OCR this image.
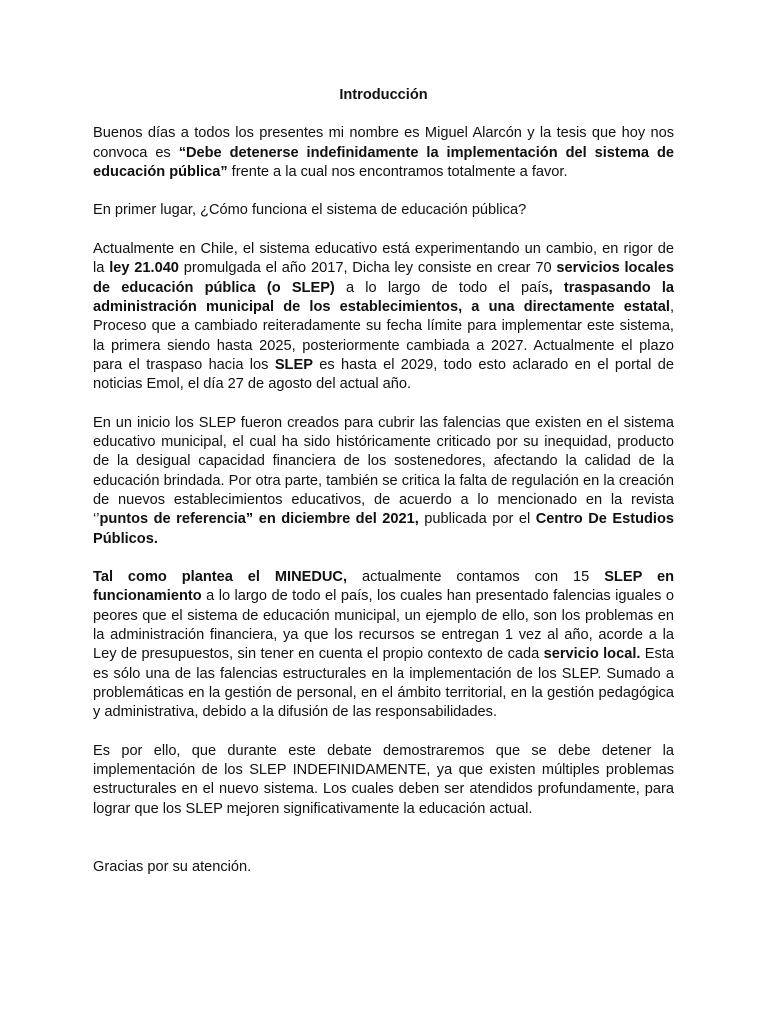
Introducción

Buenos días a todos los presentes mi nombre es Miguel Alarcón y la tesis que hoy nos convoca es “Debe detenerse indefinidamente la implementación del sistema de educación pública” frente a la cual nos encontramos totalmente a favor.

En primer lugar, ¿Cómo funciona el sistema de educación pública?

Actualmente en Chile, el sistema educativo está experimentando un cambio, en rigor de la ley 21.040 promulgada el año 2017, Dicha ley consiste en crear 70 servicios locales de educación pública (o SLEP) a lo largo de todo el país, traspasando la administración municipal de los establecimientos, a una directamente estatal, Proceso que a cambiado reiteradamente su fecha límite para implementar este sistema, la primera siendo hasta 2025, posteriormente cambiada a 2027. Actualmente el plazo para el traspaso hacia los SLEP es hasta el 2029, todo esto aclarado en el portal de noticias Emol, el día 27 de agosto del actual año.

En un inicio los SLEP fueron creados para cubrir las falencias que existen en el sistema educativo municipal, el cual ha sido históricamente criticado por su inequidad, producto de la desigual capacidad financiera de los sostenedores, afectando la calidad de la educación brindada. Por otra parte, también se critica la falta de regulación en la creación de nuevos establecimientos educativos, de acuerdo a lo mencionado en la revista ‘’puntos de referencia” en diciembre del 2021, publicada por el Centro De Estudios Públicos.

Tal como plantea el MINEDUC, actualmente contamos con 15 SLEP en funcionamiento a lo largo de todo el país, los cuales han presentado falencias iguales o peores que el sistema de educación municipal, un ejemplo de ello, son los problemas en la administración financiera, ya que los recursos se entregan 1 vez al año, acorde a la Ley de presupuestos, sin tener en cuenta el propio contexto de cada servicio local. Esta es sólo una de las falencias estructurales en la implementación de los SLEP. Sumado a problemáticas en la gestión de personal, en el ámbito territorial, en la gestión pedagógica y administrativa, debido a la difusión de las responsabilidades.

Es por ello, que durante este debate demostraremos que se debe detener la implementación de los SLEP INDEFINIDAMENTE, ya que existen múltiples problemas estructurales en el nuevo sistema. Los cuales deben ser atendidos profundamente, para lograr que los SLEP mejoren significativamente la educación actual.

Gracias por su atención.
